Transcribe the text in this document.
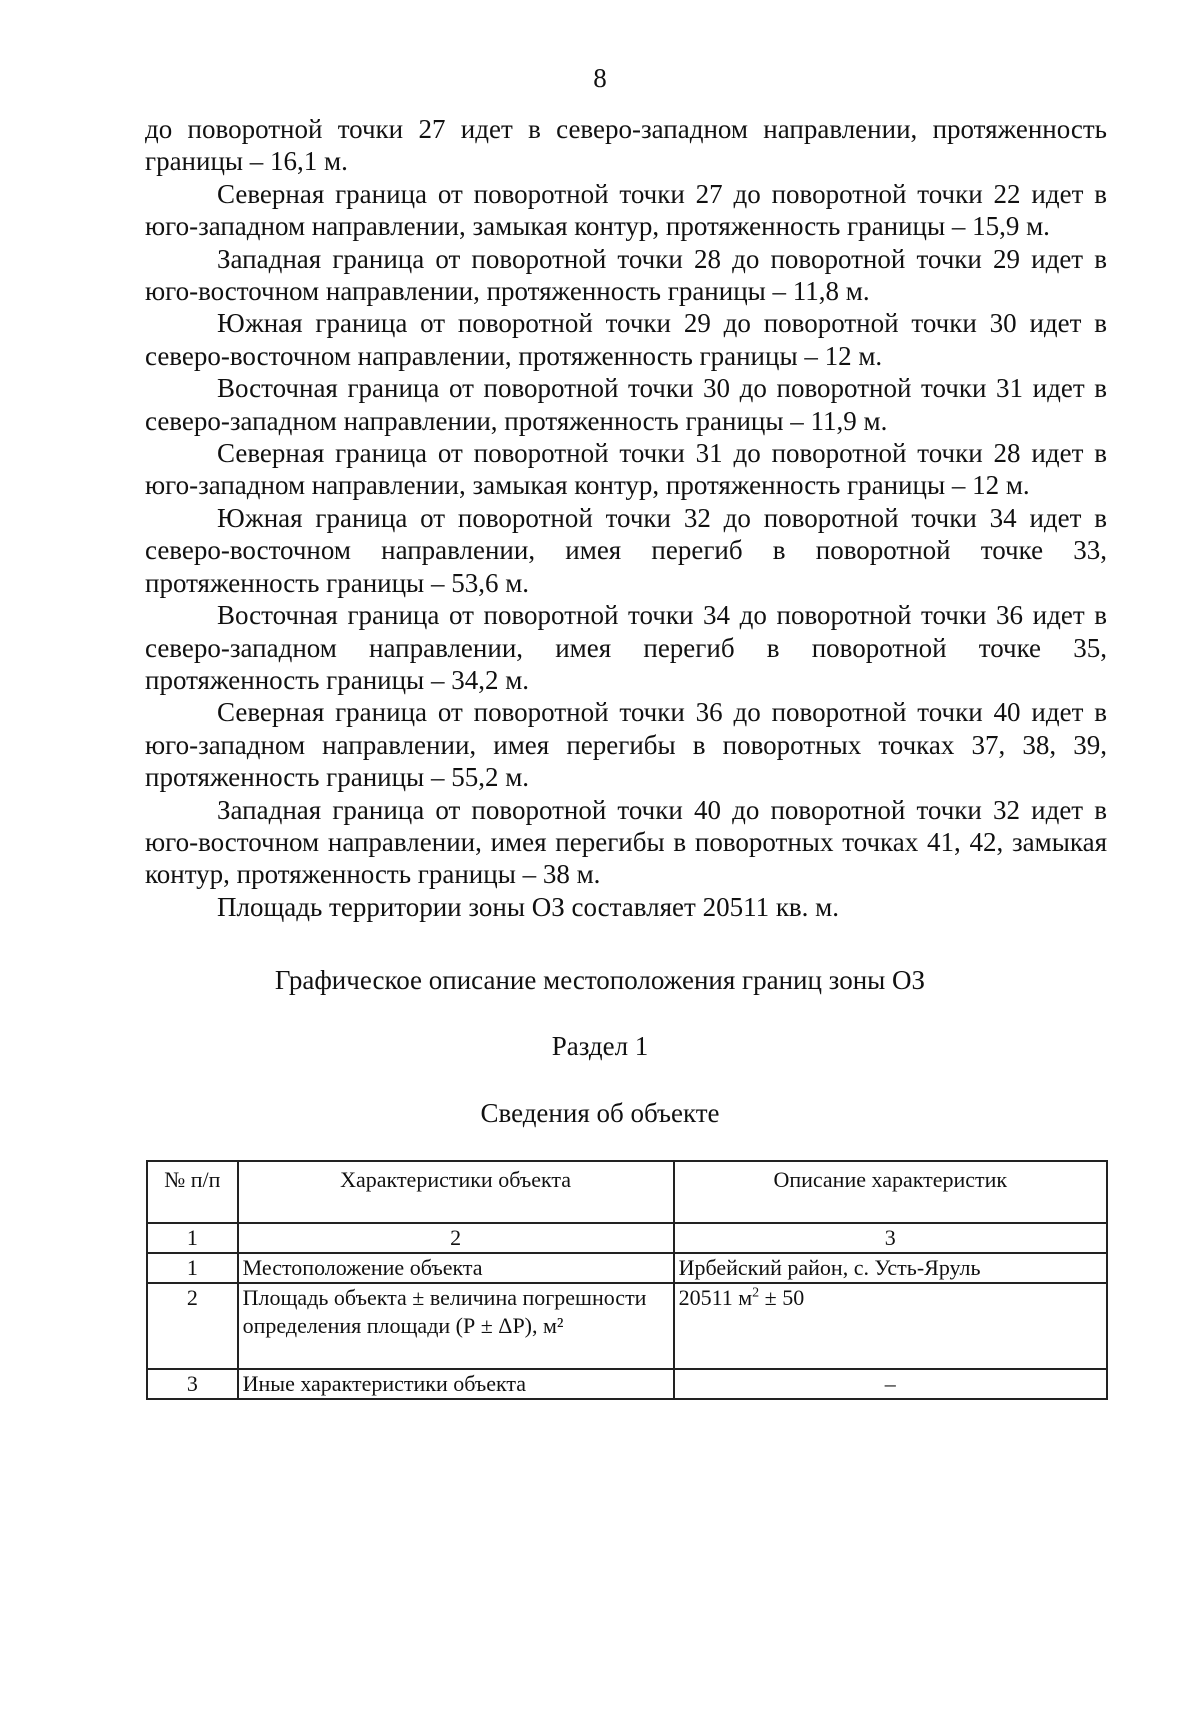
8

до поворотной точки 27 идет в северо-западном направлении, протяженность границы – 16,1 м.

Северная граница от поворотной точки 27 до поворотной точки 22 идет в юго-западном направлении, замыкая контур, протяженность границы – 15,9 м.

Западная граница от поворотной точки 28 до поворотной точки 29 идет в юго-восточном направлении, протяженность границы – 11,8 м.

Южная граница от поворотной точки 29 до поворотной точки 30 идет в северо-восточном направлении, протяженность границы – 12 м.

Восточная граница от поворотной точки 30 до поворотной точки 31 идет в северо-западном направлении, протяженность границы – 11,9 м.

Северная граница от поворотной точки 31 до поворотной точки 28 идет в юго-западном направлении, замыкая контур, протяженность границы – 12 м.

Южная граница от поворотной точки 32 до поворотной точки 34 идет в северо-восточном направлении, имея перегиб в поворотной точке 33, протяженность границы – 53,6 м.

Восточная граница от поворотной точки 34 до поворотной точки 36 идет в северо-западном направлении, имея перегиб в поворотной точке 35, протяженность границы – 34,2 м.

Северная граница от поворотной точки 36 до поворотной точки 40 идет в юго-западном направлении, имея перегибы в поворотных точках 37, 38, 39, протяженность границы – 55,2 м.

Западная граница от поворотной точки 40 до поворотной точки 32 идет в юго-восточном направлении, имея перегибы в поворотных точках 41, 42, замыкая контур, протяженность границы – 38 м.

Площадь территории зоны ОЗ составляет 20511 кв. м.

Графическое описание местоположения границ зоны ОЗ
Раздел 1
Сведения об объекте
№ п/п	Характеристики объекта	Описание характеристик
1	2	3
1	Местоположение объекта	Ирбейский район, с. Усть-Яруль
2	Площадь объекта ± величина погрешности определения площади (Р ± ΔР), м²	20511 $м^2 \pm 50$
3	Иные характеристики объекта	–
